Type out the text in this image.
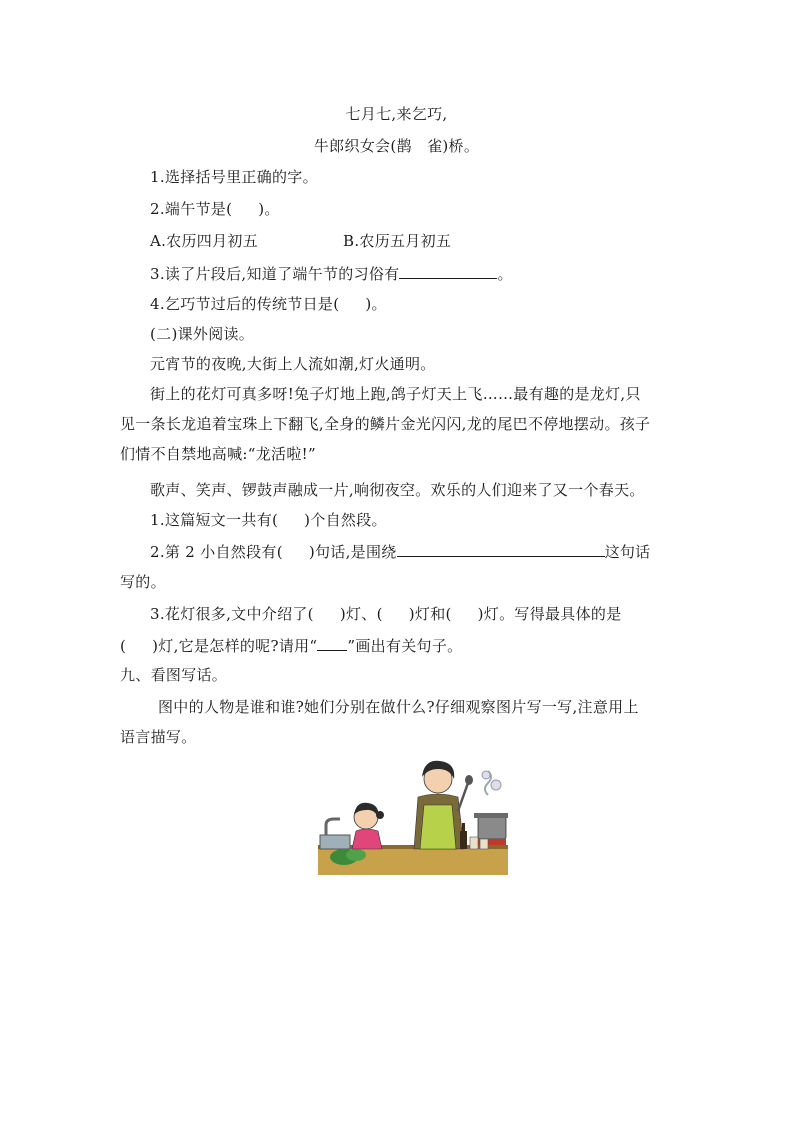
七月七,来乞巧,
牛郎织女会(鹊　雀)桥。
1.选择括号里正确的字。
2.端午节是( )。
A.农历四月初五	B.农历五月初五
3.读了片段后,知道了端午节的习俗有	。
4.乞巧节过后的传统节日是( )。
(二)课外阅读。
元宵节的夜晚,大街上人流如潮,灯火通明。
街上的花灯可真多呀!兔子灯地上跑,鸽子灯天上飞……最有趣的是龙灯,只
见一条长龙追着宝珠上下翻飞,全身的鳞片金光闪闪,龙的尾巴不停地摆动。孩子
们情不自禁地高喊:“龙活啦!”
歌声、笑声、锣鼓声融成一片,响彻夜空。欢乐的人们迎来了又一个春天。
1.这篇短文一共有( )个自然段。
2.第 2 小自然段有( )句话,是围绕	这句话
写的。
3.花灯很多,文中介绍了( )灯、( )灯和( )灯。写得最具体的是
( )灯,它是怎样的呢?请用“ ”画出有关句子。
九、看图写话。
图中的人物是谁和谁?她们分别在做什么?仔细观察图片写一写,注意用上
语言描写。
